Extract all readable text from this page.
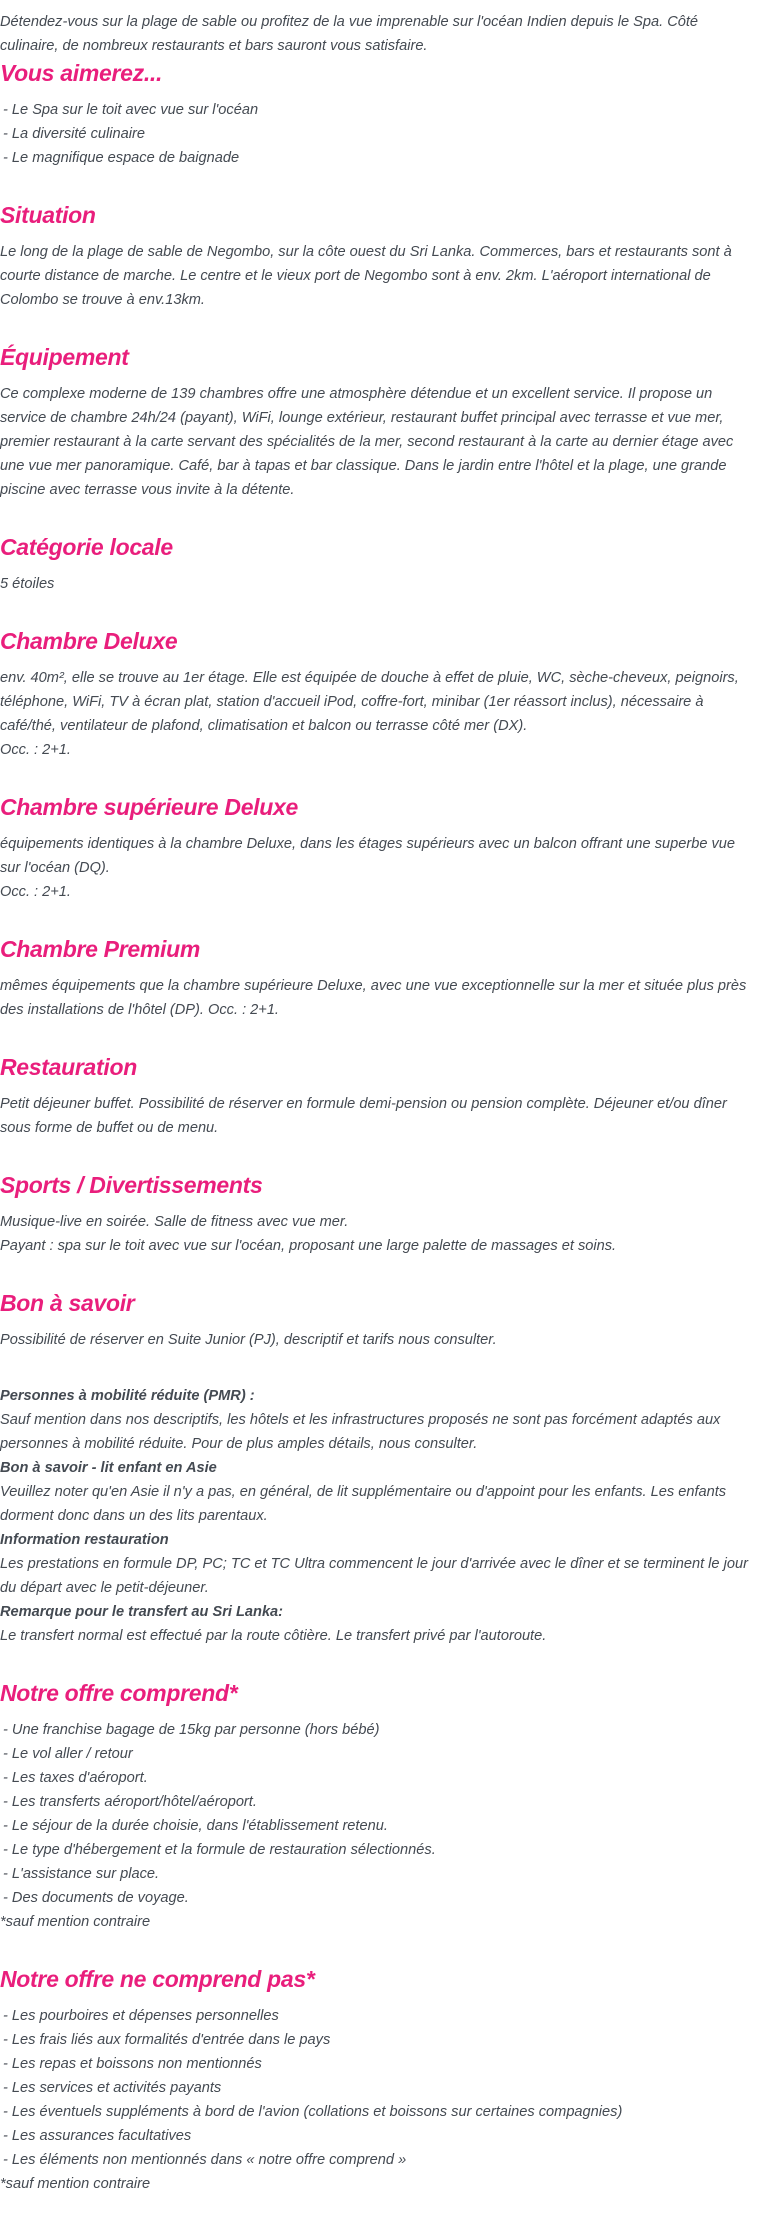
Détendez-vous sur la plage de sable ou profitez de la vue imprenable sur l'océan Indien depuis le Spa. Côté culinaire, de nombreux restaurants et bars sauront vous satisfaire.

Vous aimerez...
- Le Spa sur le toit avec vue sur l'océan
- La diversité culinaire
- Le magnifique espace de baignade
Situation

Le long de la plage de sable de Negombo, sur la côte ouest du Sri Lanka. Commerces, bars et restaurants sont à courte distance de marche. Le centre et le vieux port de Negombo sont à env. 2km. L'aéroport international de Colombo se trouve à env.13km.

Équipement

Ce complexe moderne de 139 chambres offre une atmosphère détendue et un excellent service. Il propose un service de chambre 24h/24 (payant), WiFi, lounge extérieur, restaurant buffet principal avec terrasse et vue mer, premier restaurant à la carte servant des spécialités de la mer, second restaurant à la carte au dernier étage avec une vue mer panoramique. Café, bar à tapas et bar classique. Dans le jardin entre l'hôtel et la plage, une grande piscine avec terrasse vous invite à la détente.

Catégorie locale

5 étoiles

Chambre Deluxe
env. 40m², elle se trouve au 1er étage. Elle est équipée de douche à effet de pluie, WC, sèche-cheveux, peignoirs, téléphone, WiFi, TV à écran plat, station d'accueil iPod, coffre-fort, minibar (1er réassort inclus), nécessaire à café/thé, ventilateur de plafond, climatisation et balcon ou terrasse côté mer (DX).
Occ. : 2+1.
Chambre supérieure Deluxe
équipements identiques à la chambre Deluxe, dans les étages supérieurs avec un balcon offrant une superbe vue sur l'océan (DQ).
Occ. : 2+1.
Chambre Premium

mêmes équipements que la chambre supérieure Deluxe, avec une vue exceptionnelle sur la mer et située plus près des installations de l'hôtel (DP). Occ. : 2+1.

Restauration

Petit déjeuner buffet. Possibilité de réserver en formule demi-pension ou pension complète. Déjeuner et/ou dîner sous forme de buffet ou de menu.

Sports / Divertissements
Musique-live en soirée. Salle de fitness avec vue mer.
Payant : spa sur le toit avec vue sur l'océan, proposant une large palette de massages et soins.
Bon à savoir
Possibilité de réserver en Suite Junior (PJ), descriptif et tarifs nous consulter.
Personnes à mobilité réduite (PMR) :
Sauf mention dans nos descriptifs, les hôtels et les infrastructures proposés ne sont pas forcément adaptés aux personnes à mobilité réduite. Pour de plus amples détails, nous consulter.
Bon à savoir - lit enfant en Asie
Veuillez noter qu'en Asie il n'y a pas, en général, de lit supplémentaire ou d'appoint pour les enfants. Les enfants dorment donc dans un des lits parentaux.
Information restauration
Les prestations en formule DP, PC; TC et TC Ultra commencent le jour d'arrivée avec le dîner et se terminent le jour du départ avec le petit-déjeuner.
Remarque pour le transfert au Sri Lanka:
Le transfert normal est effectué par la route côtière. Le transfert privé par l'autoroute.
Notre offre comprend*
- Une franchise bagage de 15kg par personne (hors bébé)
- Le vol aller / retour
- Les taxes d'aéroport.
- Les transferts aéroport/hôtel/aéroport.
- Le séjour de la durée choisie, dans l'établissement retenu.
- Le type d'hébergement et la formule de restauration sélectionnés.
- L'assistance sur place.
- Des documents de voyage.
*sauf mention contraire
Notre offre ne comprend pas*
- Les pourboires et dépenses personnelles
- Les frais liés aux formalités d'entrée dans le pays
- Les repas et boissons non mentionnés
- Les services et activités payants
- Les éventuels suppléments à bord de l'avion (collations et boissons sur certaines compagnies)
- Les assurances facultatives
- Les éléments non mentionnés dans « notre offre comprend »
*sauf mention contraire
